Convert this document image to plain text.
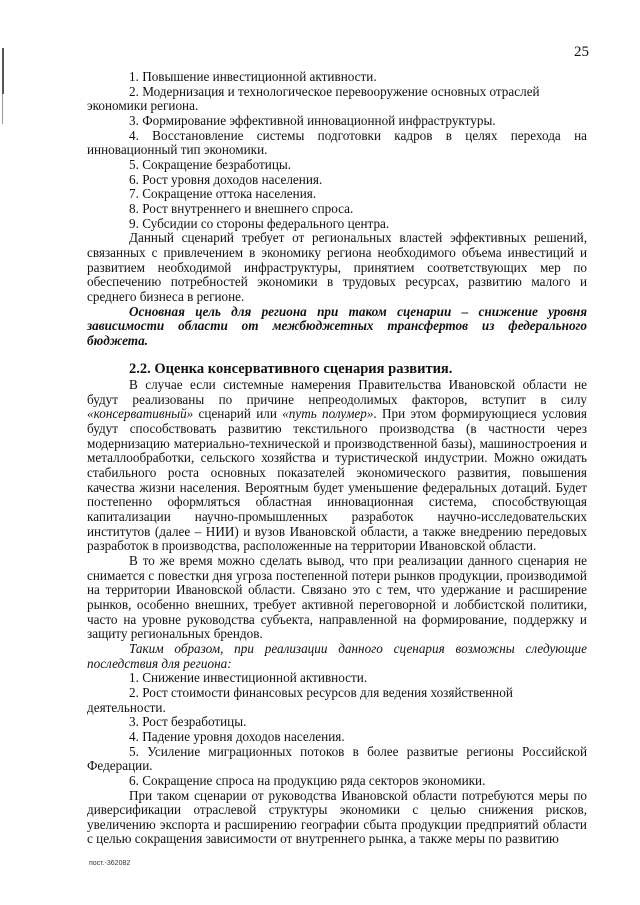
25

1. Повышение инвестиционной активности.

2. Модернизация и технологическое перевооружение основных отраслей экономики региона.

3. Формирование эффективной инновационной инфраструктуры.

4. Восстановление системы подготовки кадров в целях перехода на инновационный тип экономики.

5. Сокращение безработицы.

6. Рост уровня доходов населения.

7. Сокращение оттока населения.

8. Рост внутреннего и внешнего спроса.

9. Субсидии со стороны федерального центра.

Данный сценарий требует от региональных властей эффективных решений, связанных с привлечением в экономику региона необходимого объема инвестиций и развитием необходимой инфраструктуры, принятием соответствующих мер по обеспечению потребностей экономики в трудовых ресурсах, развитию малого и среднего бизнеса в регионе.

Основная цель для региона при таком сценарии – снижение уровня зависимости области от межбюджетных трансфертов из федерального бюджета.

2.2. Оценка консервативного сценария развития.

В случае если системные намерения Правительства Ивановской области не будут реализованы по причине непреодолимых факторов, вступит в силу «консервативный» сценарий или «путь полумер». При этом формирующиеся условия будут способствовать развитию текстильного производства (в частности через модернизацию материально-технической и производственной базы), машиностроения и металлообработки, сельского хозяйства и туристической индустрии. Можно ожидать стабильного роста основных показателей экономического развития, повышения качества жизни населения. Вероятным будет уменьшение федеральных дотаций. Будет постепенно оформляться областная инновационная система, способствующая капитализации научно-промышленных разработок научно-исследовательских институтов (далее – НИИ) и вузов Ивановской области, а также внедрению передовых разработок в производства, расположенные на территории Ивановской области.

В то же время можно сделать вывод, что при реализации данного сценария не снимается с повестки дня угроза постепенной потери рынков продукции, производимой на территории Ивановской области. Связано это с тем, что удержание и расширение рынков, особенно внешних, требует активной переговорной и лоббистской политики, часто на уровне руководства субъекта, направленной на формирование, поддержку и защиту региональных брендов.

Таким образом, при реализации данного сценария возможны следующие последствия для региона:

1. Снижение инвестиционной активности.

2. Рост стоимости финансовых ресурсов для ведения хозяйственной деятельности.

3. Рост безработицы.

4. Падение уровня доходов населения.

5. Усиление миграционных потоков в более развитые регионы Российской Федерации.

6. Сокращение спроса на продукцию ряда секторов экономики.

При таком сценарии от руководства Ивановской области потребуются меры по диверсификации отраслевой структуры экономики с целью снижения рисков, увеличению экспорта и расширению географии сбыта продукции предприятий области с целью сокращения зависимости от внутреннего рынка, а также меры по развитию

пост.-362082
